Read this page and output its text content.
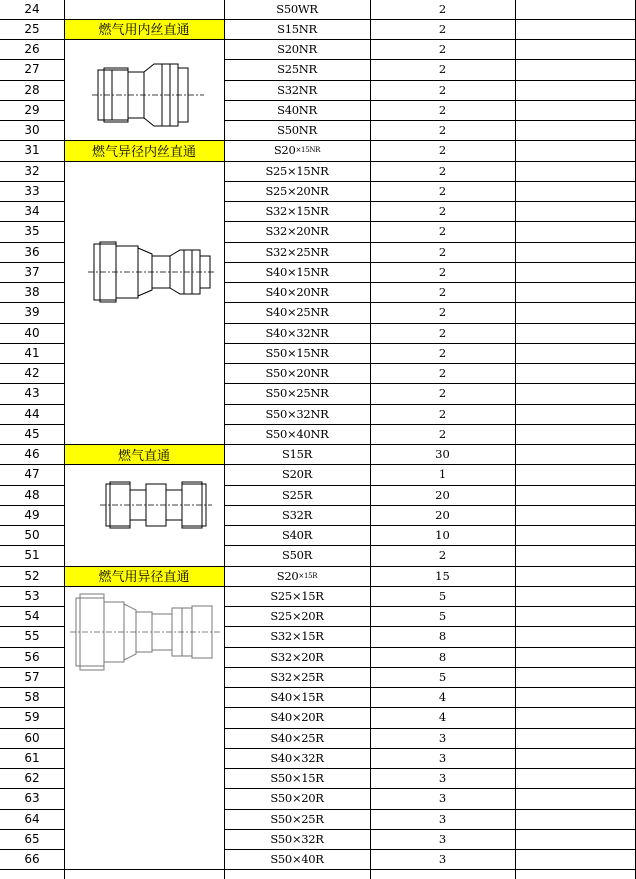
24	S50WR	2
25	燃气用内丝直通	S15NR	2
26	S20NR	2
27	S25NR	2
28	S32NR	2
29	S40NR	2
30	S50NR	2
31	燃气异径内丝直通	S20 ×15NR	2
32	S25×15NR	2
33	S25×20NR	2
34	S32×15NR	2
35	S32×20NR	2
36	S32×25NR	2
37	S40×15NR	2
38	S40×20NR	2
39	S40×25NR	2
40	S40×32NR	2
41	S50×15NR	2
42	S50×20NR	2
43	S50×25NR	2
44	S50×32NR	2
45	S50×40NR	2
46	燃气直通	S15R	30
47	S20R	1
48	S25R	20
49	S32R	20
50	S40R	10
51	S50R	2
52	燃气用异径直通	S20 ×15R	15
53	S25×15R	5
54	S25×20R	5
55	S32×15R	8
56	S32×20R	8
57	S32×25R	5
58	S40×15R	4
59	S40×20R	4
60	S40×25R	3
61	S40×32R	3
62	S50×15R	3
63	S50×20R	3
64	S50×25R	3
65	S50×32R	3
66	S50×40R	3
